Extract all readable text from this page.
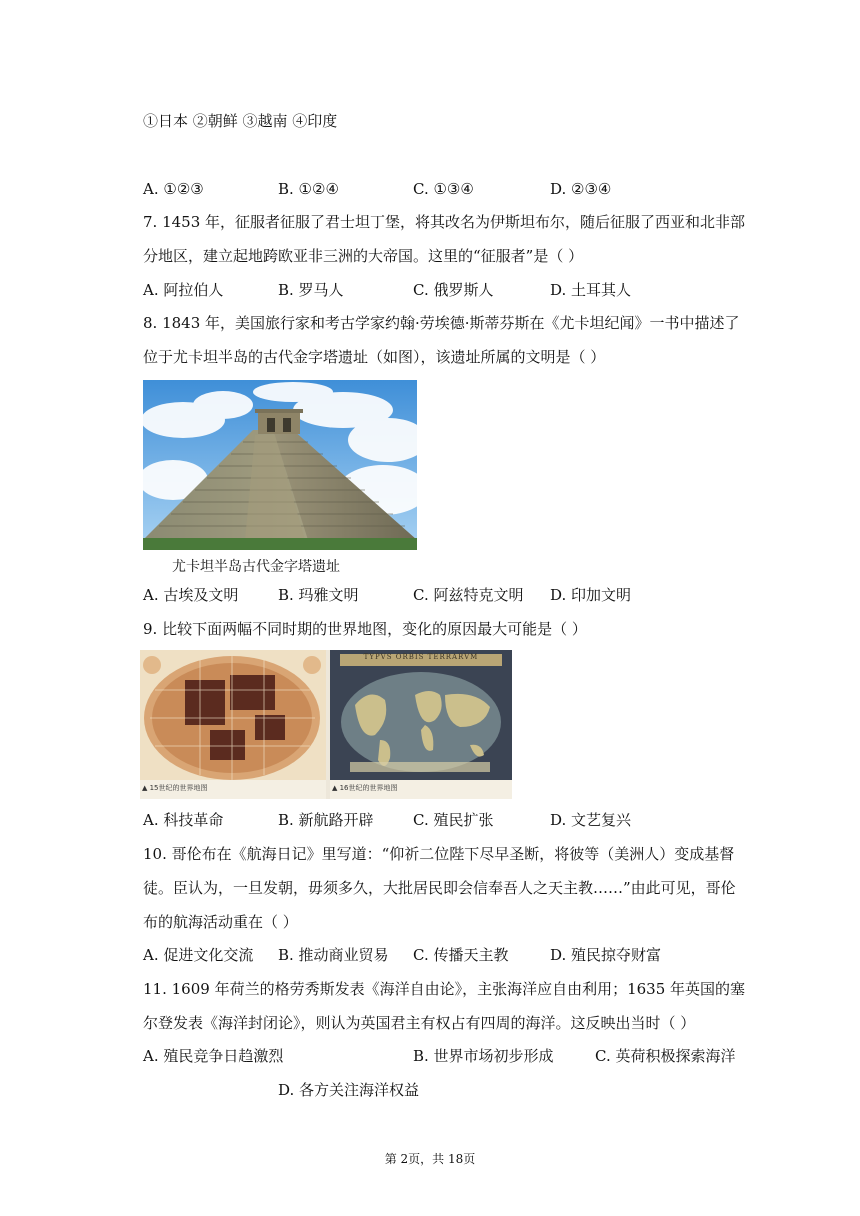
①日本 ②朝鲜 ③越南 ④印度
A. ①②③	B. ①②④	C. ①③④	D. ②③④
7. 1453 年，征服者征服了君士坦丁堡，将其改名为伊斯坦布尔，随后征服了西亚和北非部
分地区，建立起地跨欧亚非三洲的大帝国。这里的“征服者”是（ ）
A. 阿拉伯人	B. 罗马人	C. 俄罗斯人	D. 土耳其人
8. 1843 年，美国旅行家和考古学家约翰·劳埃德·斯蒂芬斯在《尤卡坦纪闻》一书中描述了
位于尤卡坦半岛的古代金字塔遗址（如图），该遗址所属的文明是（ ）
尤卡坦半岛古代金字塔遗址
A. 古埃及文明	B. 玛雅文明	C. 阿兹特克文明 D. 印加文明
9. 比较下面两幅不同时期的世界地图，变化的原因最大可能是（ ）
▲ 15世纪的世界地图
TYPVS ORBIS TERRARVM
▲ 16世纪的世界地图
A. 科技革命	B. 新航路开辟	C. 殖民扩张	D. 文艺复兴
10. 哥伦布在《航海日记》里写道：“仰祈二位陛下尽早圣断，将彼等（美洲人）变成基督
徒。臣认为，一旦发朝，毋须多久，大批居民即会信奉吾人之天主教……”由此可见，哥伦
布的航海活动重在（ ）
A. 促进文化交流 B. 推动商业贸易 C. 传播天主教	D. 殖民掠夺财富
11. 1609 年荷兰的格劳秀斯发表《海洋自由论》，主张海洋应自由利用；1635 年英国的塞
尔登发表《海洋封闭论》，则认为英国君主有权占有四周的海洋。这反映出当时（ ）
A. 殖民竞争日趋激烈	B. 世界市场初步形成	C. 英荷积极探索海洋
D. 各方关注海洋权益
第 2页，共 18页
